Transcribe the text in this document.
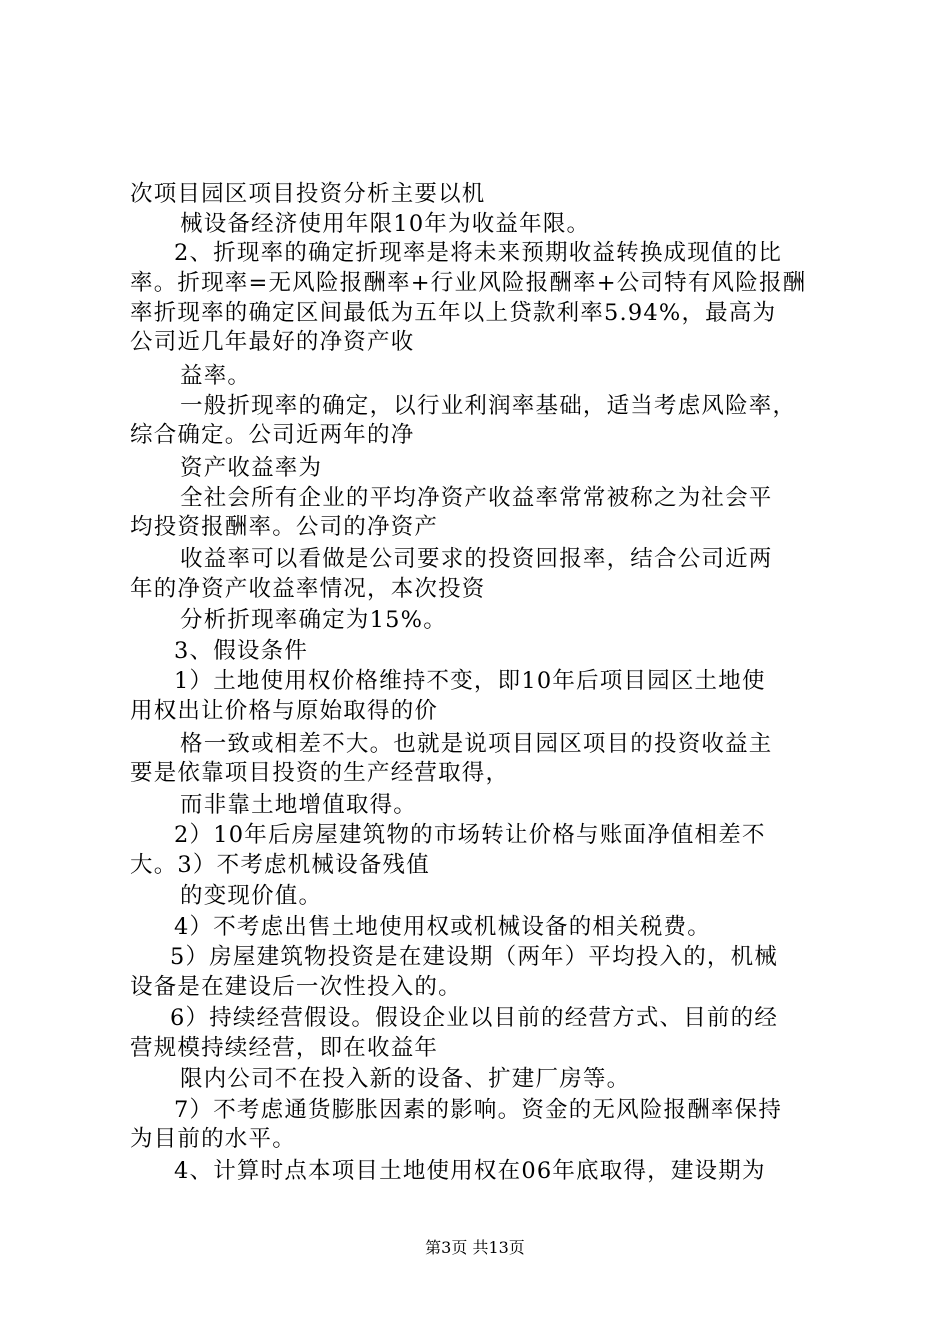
次项目园区项目投资分析主要以机
械设备经济使用年限10年为收益年限。
2、折现率的确定折现率是将未来预期收益转换成现值的比
率。折现率=无风险报酬率+行业风险报酬率+公司特有风险报酬
率折现率的确定区间最低为五年以上贷款利率5.94%，最高为
公司近几年最好的净资产收
益率。
一般折现率的确定，以行业利润率基础，适当考虑风险率，
综合确定。公司近两年的净
资产收益率为
全社会所有企业的平均净资产收益率常常被称之为社会平
均投资报酬率。公司的净资产
收益率可以看做是公司要求的投资回报率，结合公司近两
年的净资产收益率情况，本次投资
分析折现率确定为15%。
3、假设条件
1）土地使用权价格维持不变，即10年后项目园区土地使
用权出让价格与原始取得的价
格一致或相差不大。也就是说项目园区项目的投资收益主
要是依靠项目投资的生产经营取得，
而非靠土地增值取得。
2）10年后房屋建筑物的市场转让价格与账面净值相差不
大。3）不考虑机械设备残值
的变现价值。
4）不考虑出售土地使用权或机械设备的相关税费。
5）房屋建筑物投资是在建设期（两年）平均投入的，机械
设备是在建设后一次性投入的。
6）持续经营假设。假设企业以目前的经营方式、目前的经
营规模持续经营，即在收益年
限内公司不在投入新的设备、扩建厂房等。
7）不考虑通货膨胀因素的影响。资金的无风险报酬率保持
为目前的水平。
4、计算时点本项目土地使用权在06年底取得，建设期为
第3页 共13页
